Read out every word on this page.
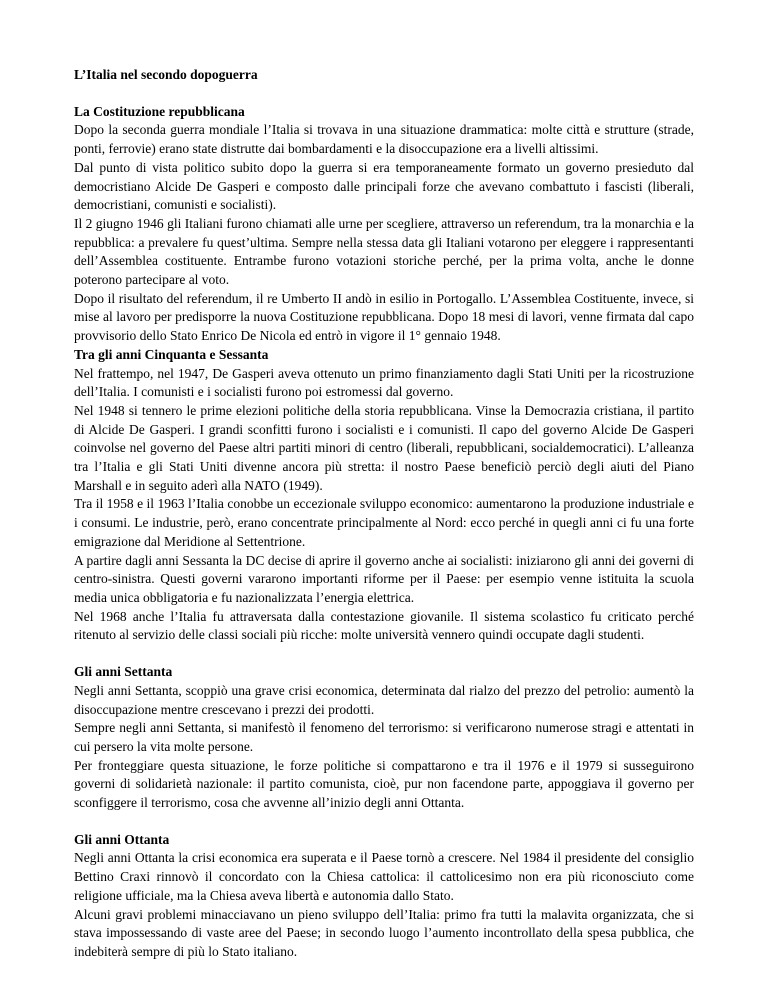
L’Italia nel secondo dopoguerra
La Costituzione repubblicana

Dopo la seconda guerra mondiale l’Italia si trovava in una situazione drammatica: molte città e strutture (strade, ponti, ferrovie) erano state distrutte dai bombardamenti e la disoccupazione era a livelli altissimi.

Dal punto di vista politico subito dopo la guerra si era temporaneamente formato un governo presieduto dal democristiano Alcide De Gasperi e composto dalle principali forze che avevano combattuto i fascisti (liberali, democristiani, comunisti e socialisti).

Il 2 giugno 1946 gli Italiani furono chiamati alle urne per scegliere, attraverso un referendum, tra la monarchia e la repubblica: a prevalere fu quest’ultima. Sempre nella stessa data gli Italiani votarono per eleggere i rappresentanti dell’Assemblea costituente. Entrambe furono votazioni storiche perché, per la prima volta, anche le donne poterono partecipare al voto.

Dopo il risultato del referendum, il re Umberto II andò in esilio in Portogallo. L’Assemblea Costituente, invece, si mise al lavoro per predisporre la nuova Costituzione repubblicana. Dopo 18 mesi di lavori, venne firmata dal capo provvisorio dello Stato Enrico De Nicola ed entrò in vigore il 1° gennaio 1948.

Tra gli anni Cinquanta e Sessanta

Nel frattempo, nel 1947, De Gasperi aveva ottenuto un primo finanziamento dagli Stati Uniti per la ricostruzione dell’Italia. I comunisti e i socialisti furono poi estromessi dal governo.

Nel 1948 si tennero le prime elezioni politiche della storia repubblicana. Vinse la Democrazia cristiana, il partito di Alcide De Gasperi. I grandi sconfitti furono i socialisti e i comunisti. Il capo del governo Alcide De Gasperi coinvolse nel governo del Paese altri partiti minori di centro (liberali, repubblicani, socialdemocratici). L’alleanza tra l’Italia e gli Stati Uniti divenne ancora più stretta: il nostro Paese beneficiò perciò degli aiuti del Piano Marshall e in seguito aderì alla NATO (1949).

Tra il 1958 e il 1963 l’Italia conobbe un eccezionale sviluppo economico: aumentarono la produzione industriale e i consumi. Le industrie, però, erano concentrate principalmente al Nord: ecco perché in quegli anni ci fu una forte emigrazione dal Meridione al Settentrione.

A partire dagli anni Sessanta la DC decise di aprire il governo anche ai socialisti: iniziarono gli anni dei governi di centro-sinistra. Questi governi vararono importanti riforme per il Paese: per esempio venne istituita la scuola media unica obbligatoria e fu nazionalizzata l’energia elettrica.

Nel 1968 anche l’Italia fu attraversata dalla contestazione giovanile. Il sistema scolastico fu criticato perché ritenuto al servizio delle classi sociali più ricche: molte università vennero quindi occupate dagli studenti.

Gli anni Settanta

Negli anni Settanta, scoppiò una grave crisi economica, determinata dal rialzo del prezzo del petrolio: aumentò la disoccupazione mentre crescevano i prezzi dei prodotti.

Sempre negli anni Settanta, si manifestò il fenomeno del terrorismo: si verificarono numerose stragi e attentati in cui persero la vita molte persone.

Per fronteggiare questa situazione, le forze politiche si compattarono e tra il 1976 e il 1979 si susseguirono governi di solidarietà nazionale: il partito comunista, cioè, pur non facendone parte, appoggiava il governo per sconfiggere il terrorismo, cosa che avvenne all’inizio degli anni Ottanta.

Gli anni Ottanta

Negli anni Ottanta la crisi economica era superata e il Paese tornò a crescere. Nel 1984 il presidente del consiglio Bettino Craxi rinnovò il concordato con la Chiesa cattolica: il cattolicesimo non era più riconosciuto come religione ufficiale, ma la Chiesa aveva libertà e autonomia dallo Stato.

Alcuni gravi problemi minacciavano un pieno sviluppo dell’Italia: primo fra tutti la malavita organizzata, che si stava impossessando di vaste aree del Paese; in secondo luogo l’aumento incontrollato della spesa pubblica, che indebiterà sempre di più lo Stato italiano.
